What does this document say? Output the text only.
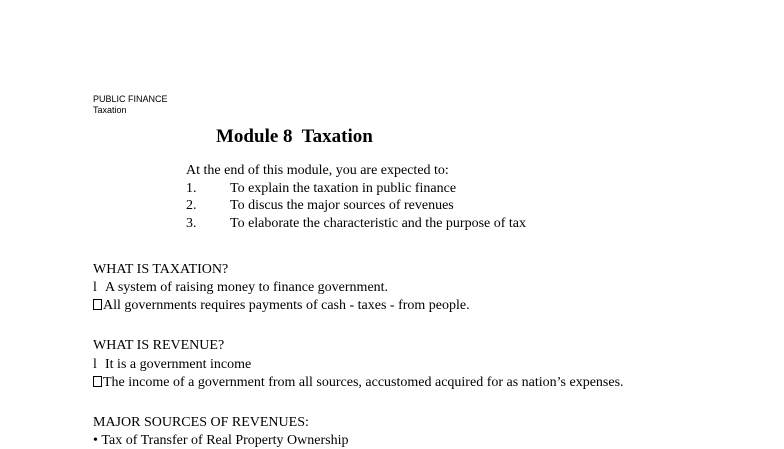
PUBLIC FINANCE
Taxation
Module 8  Taxation
At the end of this module, you are expected to:
1.	To explain the taxation in public finance
2.	To discus the major sources of revenues
3.	To elaborate the characteristic and the purpose of tax
WHAT IS TAXATION?
l A system of raising money to finance government.
All governments requires payments of cash - taxes - from people.
WHAT IS REVENUE?
l It is a government income
The income of a government from all sources, accustomed acquired for as nation’s expenses.
MAJOR SOURCES OF REVENUES:
• Tax of Transfer of Real Property Ownership
